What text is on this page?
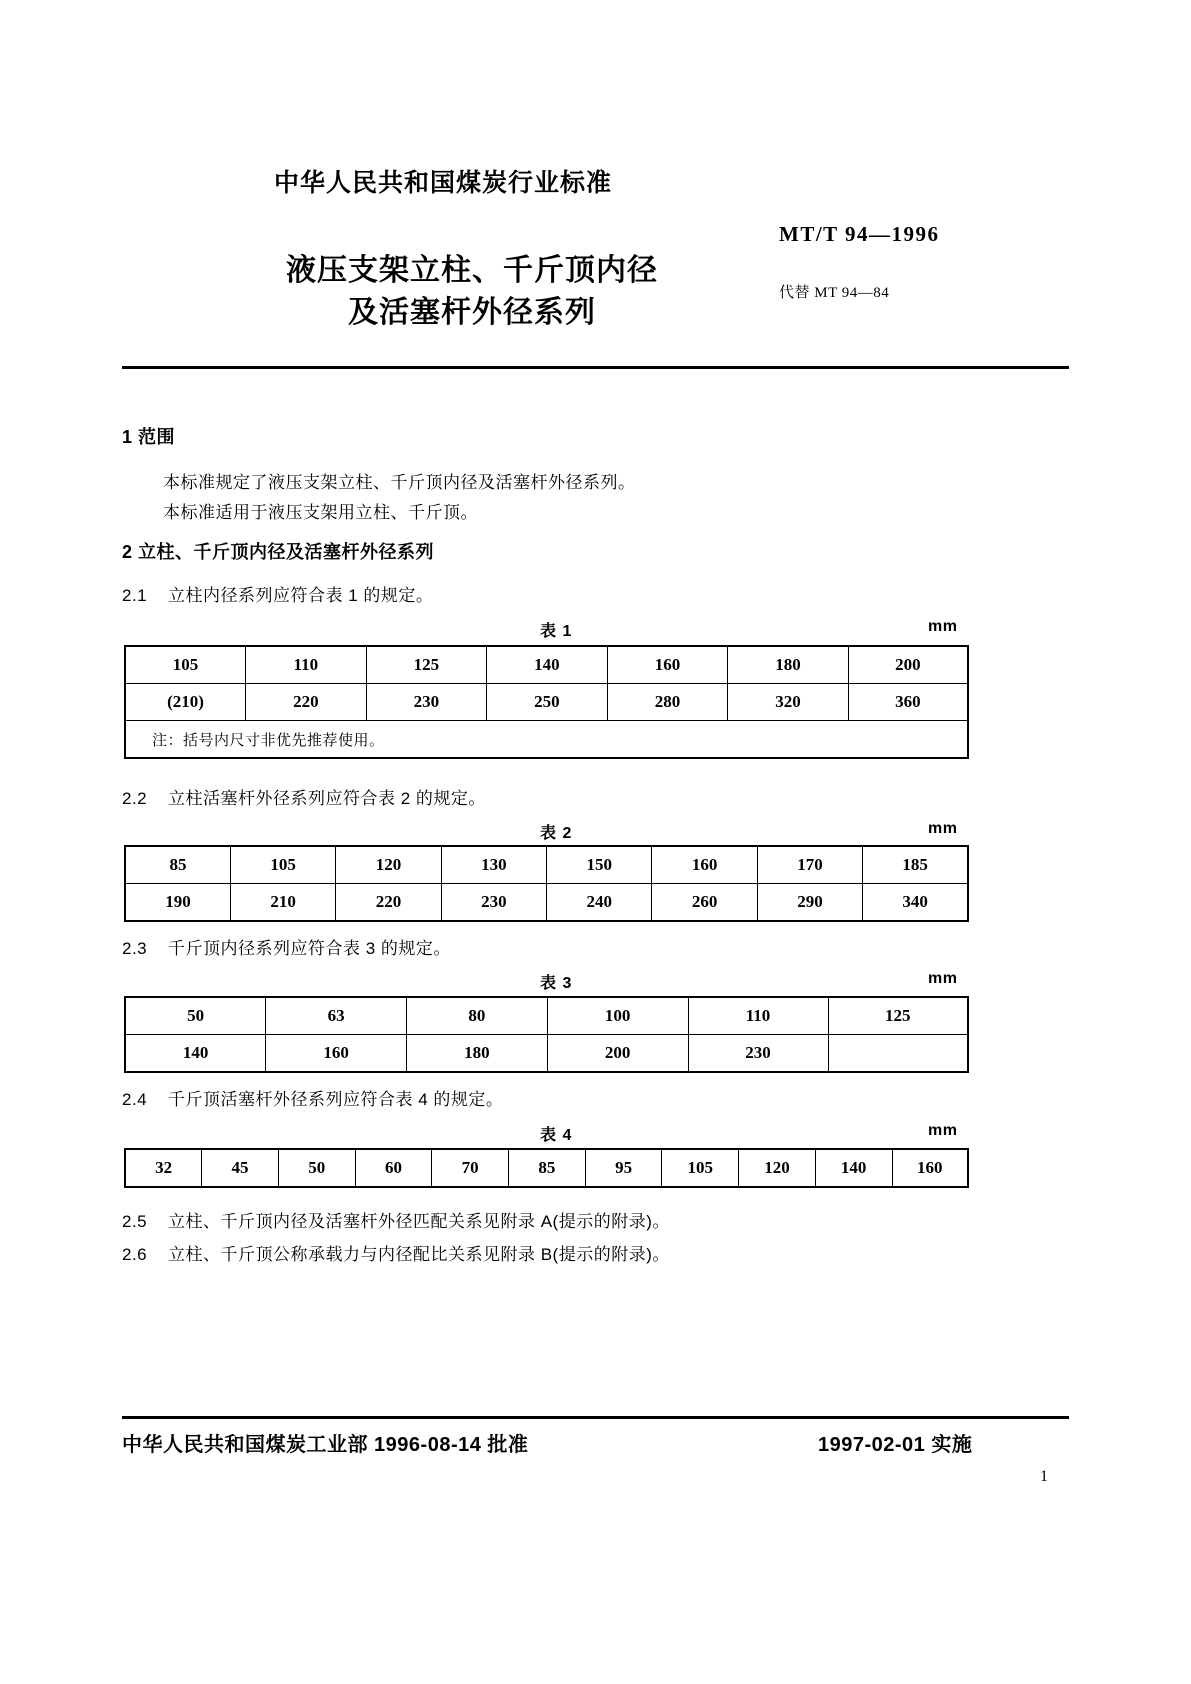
中华人民共和国煤炭行业标准
MT/T 94—1996
代替 MT 94—84
液压支架立柱、千斤顶内径
及活塞杆外径系列
1 范围
本标准规定了液压支架立柱、千斤顶内径及活塞杆外径系列。
本标准适用于液压支架用立柱、千斤顶。
2 立柱、千斤顶内径及活塞杆外径系列
2.1 立柱内径系列应符合表 1 的规定。
表 1	mm
105	110	125	140	160	180	200
(210)	220	230	250	280	320	360
注：括号内尺寸非优先推荐使用。						
2.2 立柱活塞杆外径系列应符合表 2 的规定。
表 2	mm
85	105	120	130	150	160	170	185
190	210	220	230	240	260	290	340
2.3 千斤顶内径系列应符合表 3 的规定。
表 3	mm
50	63	80	100	110	125
140	160	180	200	230	
2.4 千斤顶活塞杆外径系列应符合表 4 的规定。
表 4	mm
32	45	50	60	70	85	95	105	120	140	160
2.5 立柱、千斤顶内径及活塞杆外径匹配关系见附录 A(提示的附录)。
2.6 立柱、千斤顶公称承载力与内径配比关系见附录 B(提示的附录)。
中华人民共和国煤炭工业部 1996-08-14 批准	1997-02-01 实施
1
